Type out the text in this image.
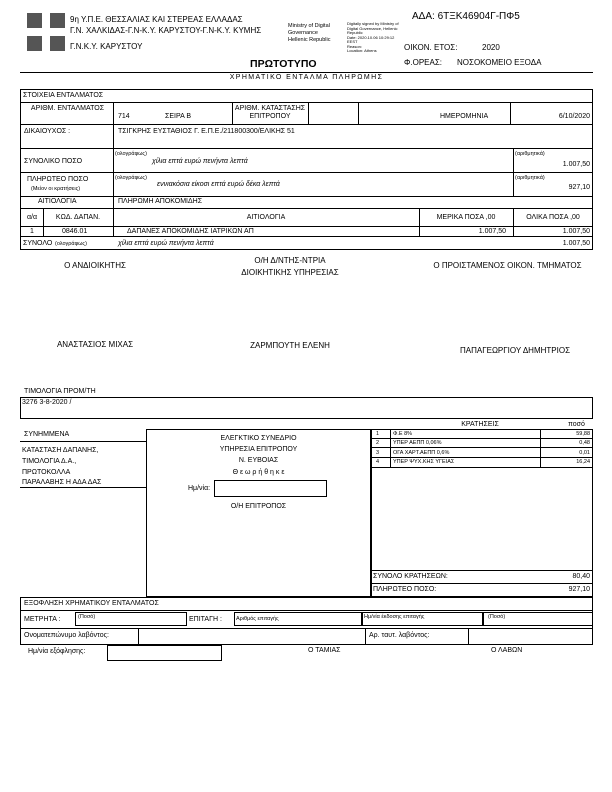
9η Υ.Π.Ε. ΘΕΣΣΑΛΙΑΣ ΚΑΙ ΣΤΕΡΕΑΣ ΕΛΛΑΔΑΣ
Γ.Ν. ΧΑΛΚΙΔΑΣ-Γ.Ν-Κ.Υ. ΚΑΡΥΣΤΟΥ-Γ.Ν-Κ.Υ. ΚΥΜΗΣ
Γ.Ν.Κ.Υ. ΚΑΡΥΣΤΟΥ
Ministry of Digital
Governance
Hellenic Republic
Digitally signed by Ministry of
Digital Governance, Hellenic
Republic
Date: 2020.10.06 10:29:12
EEST
Reason:
Location: Athens
ΑΔΑ: 6ΤΞΚ46904Γ-ΠΦ5
ΟΙΚΟΝ. ΕΤΟΣ:	2020
Φ.ΟΡΕΑΣ: ΝΟΣΟΚΟΜΕΙΟ ΕΞΟΔΑ
ΠΡΩΤΟΤΥΠΟ
ΧΡΗΜΑΤΙΚΟ ΕΝΤΑΛΜΑ ΠΛΗΡΩΜΗΣ
ΣΤΟΙΧΕΙΑ ΕΝΤΑΛΜΑΤΟΣ
ΑΡΙΘΜ. ΕΝΤΑΛΜΑΤΟΣ
714	ΣΕΙΡΑ Β
ΑΡΙΘΜ. ΚΑΤΑΣΤΑΣΗΣ ΕΠΙΤΡΟΠΟΥ	ΗΜΕΡΟΜΗΝΙΑ	6/10/2020
ΔΙΚΑΙΟΥΧΟΣ :	ΤΣΙΓΚΡΗΣ ΕΥΣΤΑΘΙΟΣ Γ. Ε.Π.Ε./211800300/ΕΛΙΚΗΣ 51
ΣΥΝΟΛΙΚΟ ΠΟΣΟ
(ολογράφως)
χίλια επτά ευρώ πενήντα λεπτά
(αριθμητικά)
1.007,50
ΠΛΗΡΩΤΕΟ ΠΟΣΟ
(Μείον οι κρατήσεις)
(ολογράφως)
εννιακόσια είκοσι επτά ευρώ δέκα λεπτά
(αριθμητικά)
927,10
ΑΙΤΙΟΛΟΓΙΑ	ΠΛΗΡΩΜΗ ΑΠΟΚΟΜΙΔΗΣ
α/α	ΚΩΔ. ΔΑΠΑΝ.	ΑΙΤΙΟΛΟΓΙΑ	ΜΕΡΙΚΑ ΠΟΣΑ ,00	ΟΛΙΚΑ ΠΟΣΑ ,00
1	0846.01	ΔΑΠΑΝΕΣ ΑΠΟΚΟΜΙΔΗΣ ΙΑΤΡΙΚΩΝ ΑΠ	1.007,50	1.007,50
ΣΥΝΟΛΟ (ολογράφως)	χίλια επτά ευρώ πενήντα λεπτά	1.007,50
Ο ΑΝΔΙΟΙΚΗΤΗΣ
Ο/Η Δ/ΝΤΗΣ-ΝΤΡΙΑ
ΔΙΟΙΚΗΤΙΚΗΣ ΥΠΗΡΕΣΙΑΣ
Ο ΠΡΟΙΣΤΑΜΕΝΟΣ ΟΙΚΟΝ. ΤΜΗΜΑΤΟΣ
ΑΝΑΣΤΑΣΙΟΣ ΜΙΧΑΣ	ΖΑΡΜΠΟΥΤΗ ΕΛΕΝΗ
ΠΑΠΑΓΕΩΡΓΙΟΥ ΔΗΜΗΤΡΙΟΣ
ΤΙΜΟΛΟΓΙΑ ΠΡΟΜ/ΤΗ
3276 3-8-2020 /
ΣΥΝΗΜΜΕΝΑ
ΚΑΤΑΣΤΑΣΗ ΔΑΠΑΝΗΣ,
ΤΙΜΟΛΟΓΙΑ Δ.Α.,
ΠΡΩΤΟΚΟΛΛΑ
ΠΑΡΑΛΑΒΗΣ Η ΑΔΑ ΔΑΣ
ΕΛΕΓΚΤΙΚΟ ΣΥΝΕΔΡΙΟ
ΥΠΗΡΕΣΙΑ ΕΠΙΤΡΟΠΟΥ
Ν. ΕΥΒΟΙΑΣ
Θ ε ω ρ ή θ η κ ε
Ημ/νία:
Ο/Η ΕΠΙΤΡΟΠΟΣ
ΚΡΑΤΗΣΕΙΣ	ποσό
1	Φ.Ε 8%	59,88
2	ΥΠΕΡ ΑΕΠΠ 0,06%	0,48
3	ΟΓΑ ΧΑΡΤ.ΑΕΠΠ 0,6%	0,01
4	ΥΠΕΡ ΨΥΧ.ΚΗΣ ΥΓΕΙΑΣ	16,24
ΣΥΝΟΛΟ ΚΡΑΤΗΣΕΩΝ:	80,40
ΠΛΗΡΩΤΕΟ ΠΟΣΟ:	927,10
ΕΞΟΦΛΗΣΗ ΧΡΗΜΑΤΙΚΟΥ ΕΝΤΑΛΜΑΤΟΣ
ΜΕΤΡΗΤΑ :	(Ποσό)	ΕΠΙΤΑΓΗ :	Αριθμός επιταγής	Ημ/νία έκδοσης επιταγής	(Ποσό)
Ονοματεπώνυμο λαβόντος:	Αρ. ταυτ. λαβόντος:
Ημ/νία εξόφλησης:	Ο ΤΑΜΙΑΣ	Ο ΛΑΒΩΝ
